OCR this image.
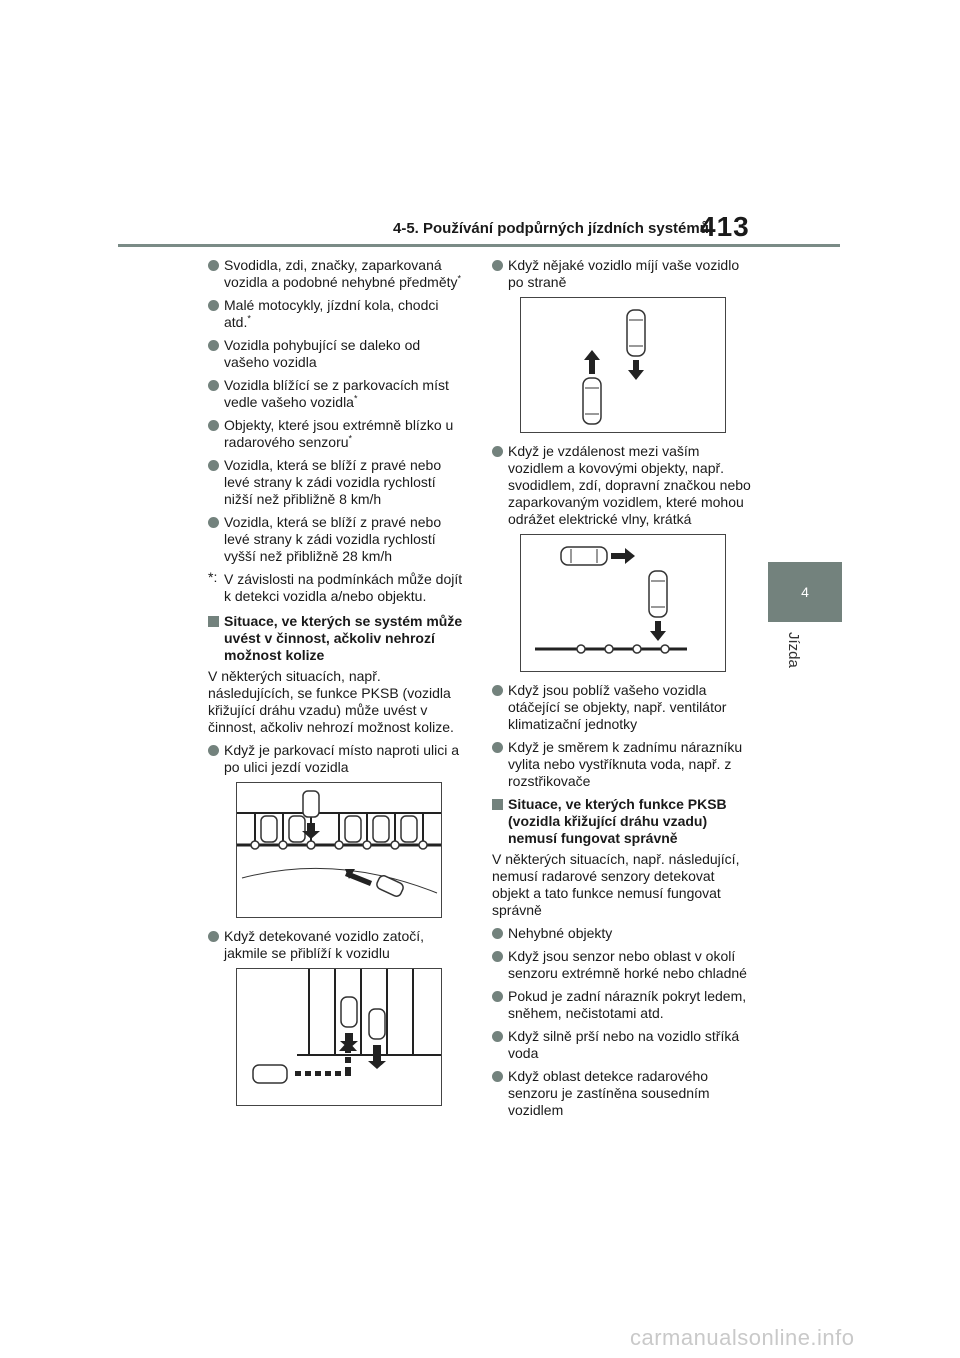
4-5. Používání podpůrných jízdních systémů
413
4
Jízda
Svodidla, zdi, značky, zaparkovaná vozidla a podobné nehybné předměty*
Malé motocykly, jízdní kola, chodci atd.*
Vozidla pohybující se daleko od vašeho vozidla
Vozidla blížící se z parkovacích míst vedle vašeho vozidla*
Objekty, které jsou extrémně blízko u radarového senzoru*
Vozidla, která se blíží z pravé nebo levé strany k zádi vozidla rychlostí nižší než přibližně 8 km/h
Vozidla, která se blíží z pravé nebo levé strany k zádi vozidla rychlostí vyšší než přibližně 28 km/h
*: V závislosti na podmínkách může dojít k detekci vozidla a/nebo objektu.
Situace, ve kterých se systém může uvést v činnost, ačkoliv nehrozí možnost kolize
V některých situacích, např. následujících, se funkce PKSB (vozidla křižující dráhu vzadu) může uvést v činnost, ačkoliv nehrozí možnost kolize.
Když je parkovací místo naproti ulici a po ulici jezdí vozidla
Když detekované vozidlo zatočí, jakmile se přiblíží k vozidlu
Když nějaké vozidlo míjí vaše vozidlo po straně
Když je vzdálenost mezi vaším vozidlem a kovovými objekty, např. svodidlem, zdí, dopravní značkou nebo zaparkovaným vozidlem, které mohou odrážet elektrické vlny, krátká
Když jsou poblíž vašeho vozidla otáčející se objekty, např. ventilátor klimatizační jednotky
Když je směrem k zadnímu nárazníku vylita nebo vystříknuta voda, např. z rozstřikovače
Situace, ve kterých funkce PKSB (vozidla křižující dráhu vzadu) nemusí fungovat správně
V některých situacích, např. následující, nemusí radarové senzory detekovat objekt a tato funkce nemusí fungovat správně
Nehybné objekty
Když jsou senzor nebo oblast v okolí senzoru extrémně horké nebo chladné
Pokud je zadní nárazník pokryt ledem, sněhem, nečistotami atd.
Když silně prší nebo na vozidlo stříká voda
Když oblast detekce radarového senzoru je zastíněna sousedním vozidlem
carmanualsonline.info
